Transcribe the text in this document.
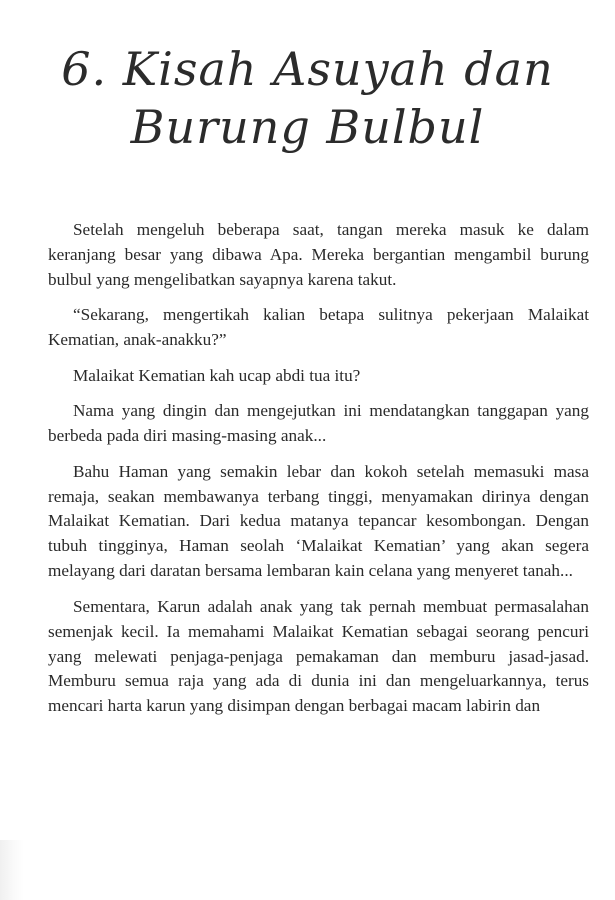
6. Kisah Asuyah dan
Burung Bulbul

Setelah mengeluh beberapa saat, tangan mereka masuk ke dalam keranjang besar yang dibawa Apa. Mereka bergantian mengambil burung bulbul yang mengelibatkan sayapnya karena takut.

“Sekarang, mengertikah kalian betapa sulitnya pekerjaan Malaikat Kematian, anak-anakku?”

Malaikat Kematian kah ucap abdi tua itu?

Nama yang dingin dan mengejutkan ini mendatangkan tanggapan yang berbeda pada diri masing-masing anak...

Bahu Haman yang semakin lebar dan kokoh setelah memasuki masa remaja, seakan membawanya terbang tinggi, menyamakan dirinya dengan Malaikat Kematian. Dari kedua matanya tepancar kesombongan. Dengan tubuh tingginya, Haman seolah ‘Malaikat Kematian’ yang akan segera melayang dari daratan bersama lembaran kain celana yang menyeret tanah...

Sementara, Karun adalah anak yang tak pernah membuat permasalahan semenjak kecil. Ia memahami Malaikat Kematian sebagai seorang pencuri yang melewati penjaga-penjaga pemakaman dan memburu jasad-jasad. Memburu semua raja yang ada di dunia ini dan mengeluarkannya, terus mencari harta karun yang disimpan dengan berbagai macam labirin dan
